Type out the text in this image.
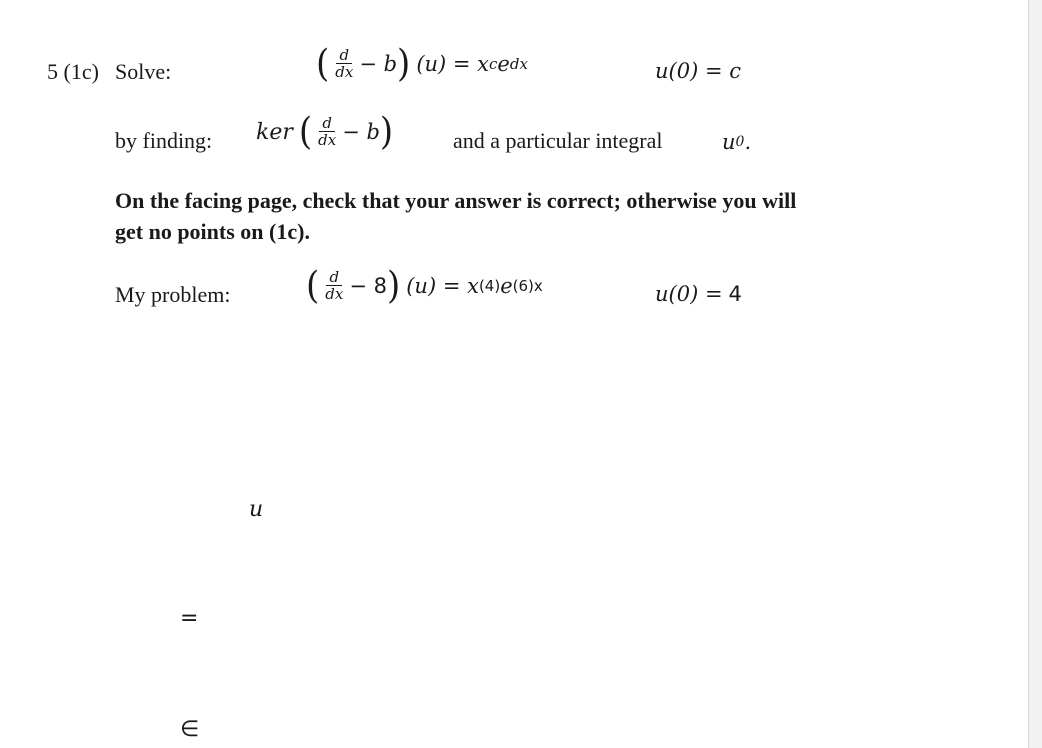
5 (1c) Solve:	( $\frac{d}{dx} - b$ ) (u) = x c e dx	u(0) = c
by finding: ker ( $\frac{d}{dx} - b$ )	and a particular integral	u 0 .
On the facing page, check that your answer is correct; otherwise you will
get no points on (1c).
My problem: ( $\frac{d}{dx} - 8$ ) (u) = x (4) e (6)x	u(0) = 4
u
=
∈
